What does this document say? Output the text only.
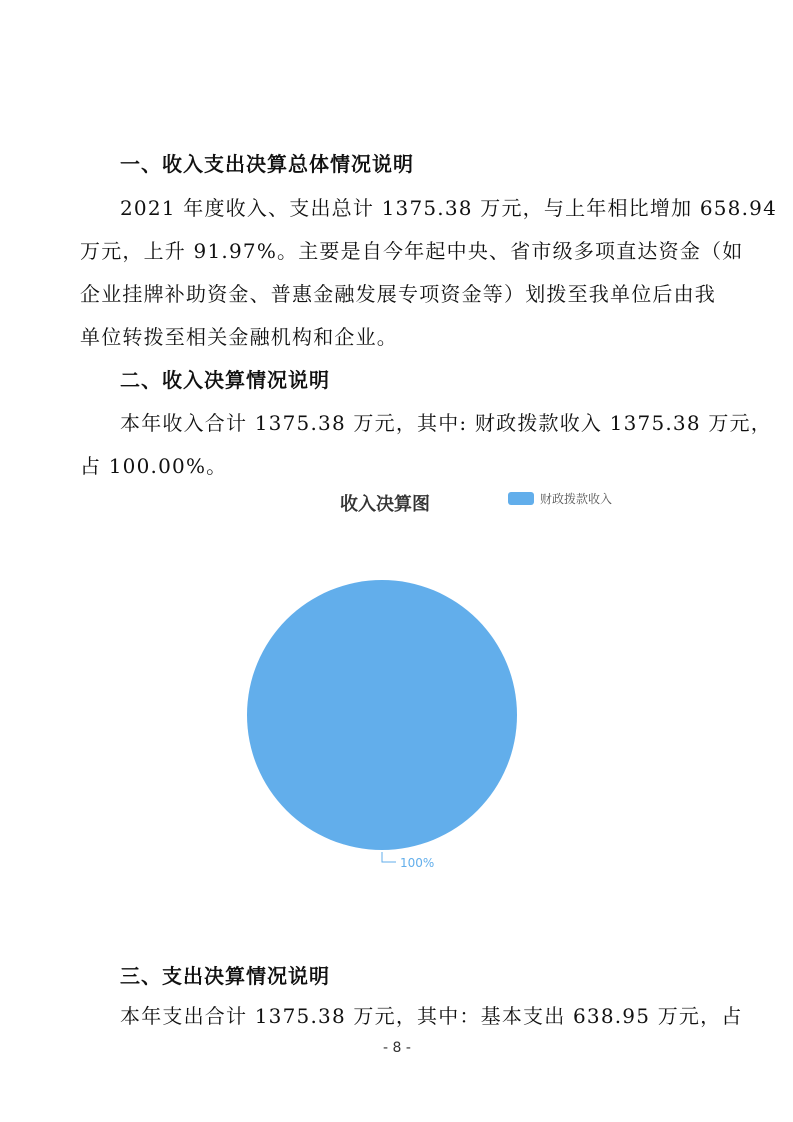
一、收入支出决算总体情况说明
2021 年度收入、支出总计 1375.38 万元，与上年相比增加 658.94
万元，上升 91.97%。主要是自今年起中央、省市级多项直达资金（如
企业挂牌补助资金、普惠金融发展专项资金等）划拨至我单位后由我
单位转拨至相关金融机构和企业。
二、收入决算情况说明
本年收入合计 1375.38 万元，其中: 财政拨款收入 1375.38 万元，
占 100.00%。
收入决算图	财政拨款收入
100%
三、支出决算情况说明
本年支出合计 1375.38 万元，其中：基本支出 638.95 万元，占
- 8 -
